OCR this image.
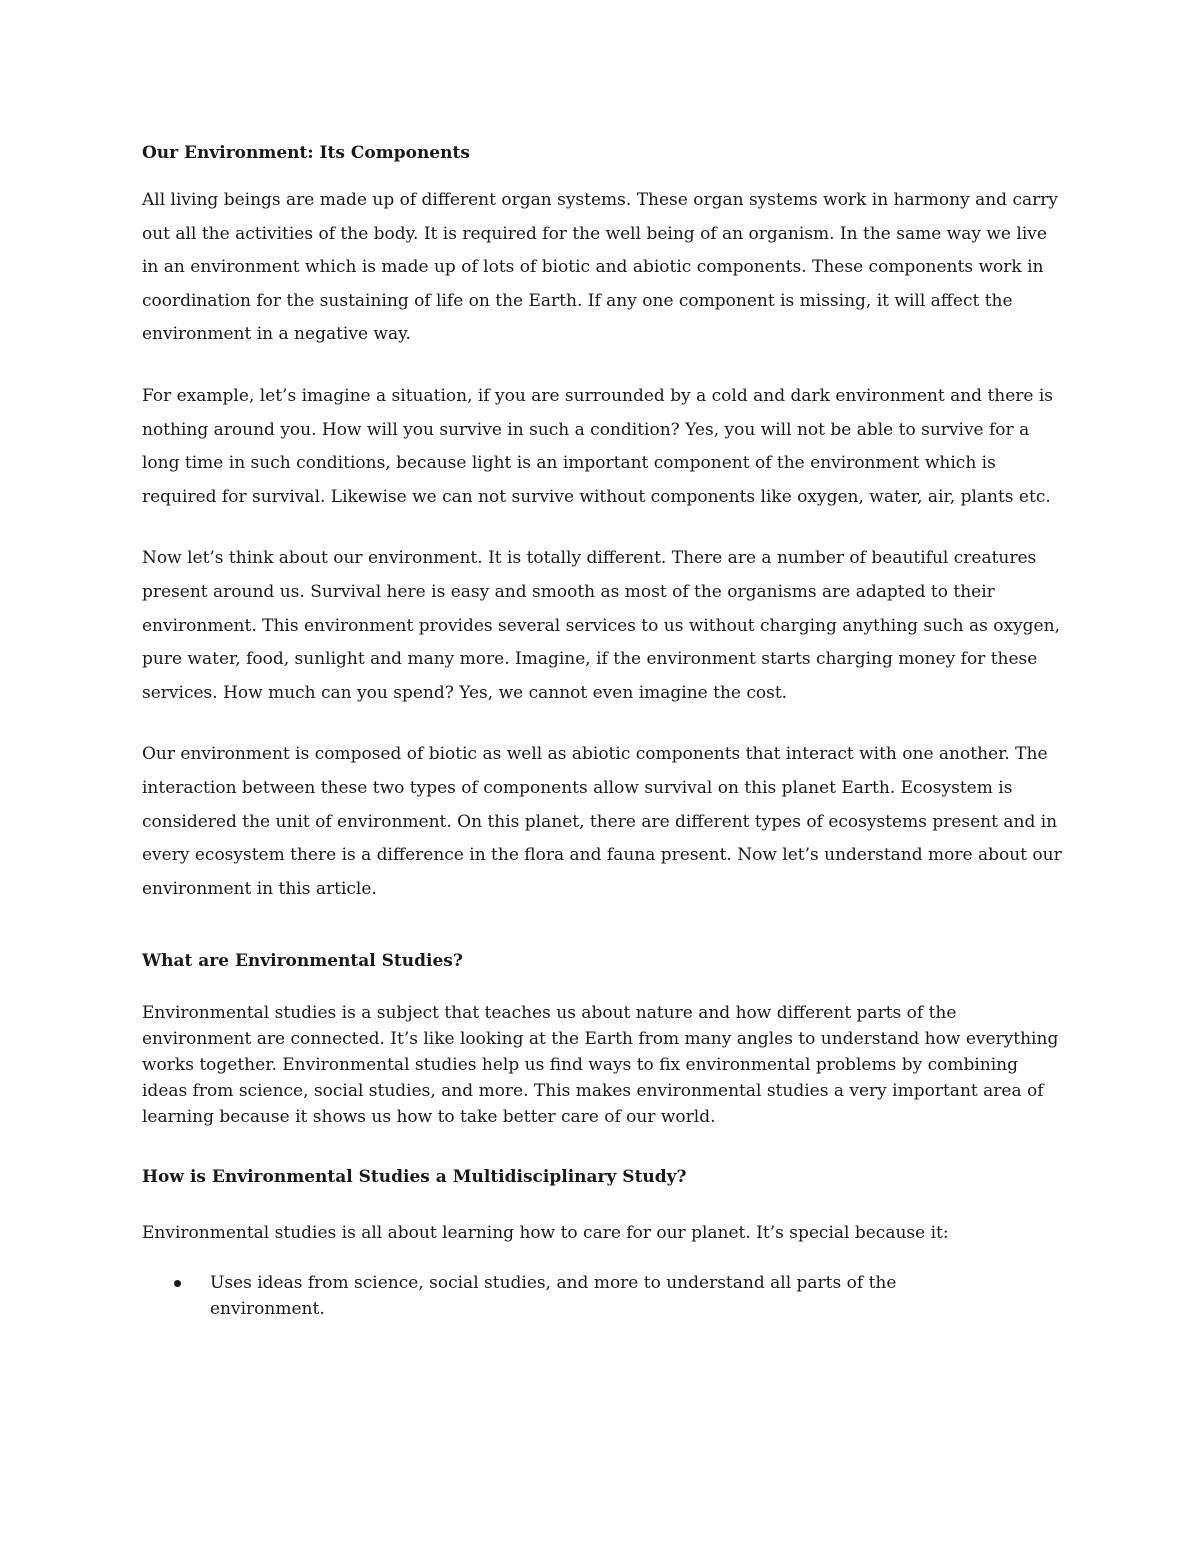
Our Environment: Its Components

All living beings are made up of different organ systems. These organ systems work in harmony and carry out all the activities of the body. It is required for the well being of an organism. In the same way we live in an environment which is made up of lots of biotic and abiotic components. These components work in coordination for the sustaining of life on the Earth. If any one component is missing, it will affect the environment in a negative way.

For example, let’s imagine a situation, if you are surrounded by a cold and dark environment and there is nothing around you. How will you survive in such a condition? Yes, you will not be able to survive for a long time in such conditions, because light is an important component of the environment which is required for survival. Likewise we can not survive without components like oxygen, water, air, plants etc.

Now let’s think about our environment. It is totally different. There are a number of beautiful creatures present around us. Survival here is easy and smooth as most of the organisms are adapted to their environment. This environment provides several services to us without charging anything such as oxygen, pure water, food, sunlight and many more. Imagine, if the environment starts charging money for these services. How much can you spend? Yes, we cannot even imagine the cost.

Our environment is composed of biotic as well as abiotic components that interact with one another. The interaction between these two types of components allow survival on this planet Earth. Ecosystem is considered the unit of environment. On this planet, there are different types of ecosystems present and in every ecosystem there is a difference in the flora and fauna present. Now let’s understand more about our environment in this article.

What are Environmental Studies?

Environmental studies is a subject that teaches us about nature and how different parts of the environment are connected. It’s like looking at the Earth from many angles to understand how everything works together. Environmental studies help us find ways to fix environmental problems by combining ideas from science, social studies, and more. This makes environmental studies a very important area of learning because it shows us how to take better care of our world.

How is Environmental Studies a Multidisciplinary Study?

Environmental studies is all about learning how to care for our planet. It’s special because it:

Uses ideas from science, social studies, and more to understand all parts of the environment.
